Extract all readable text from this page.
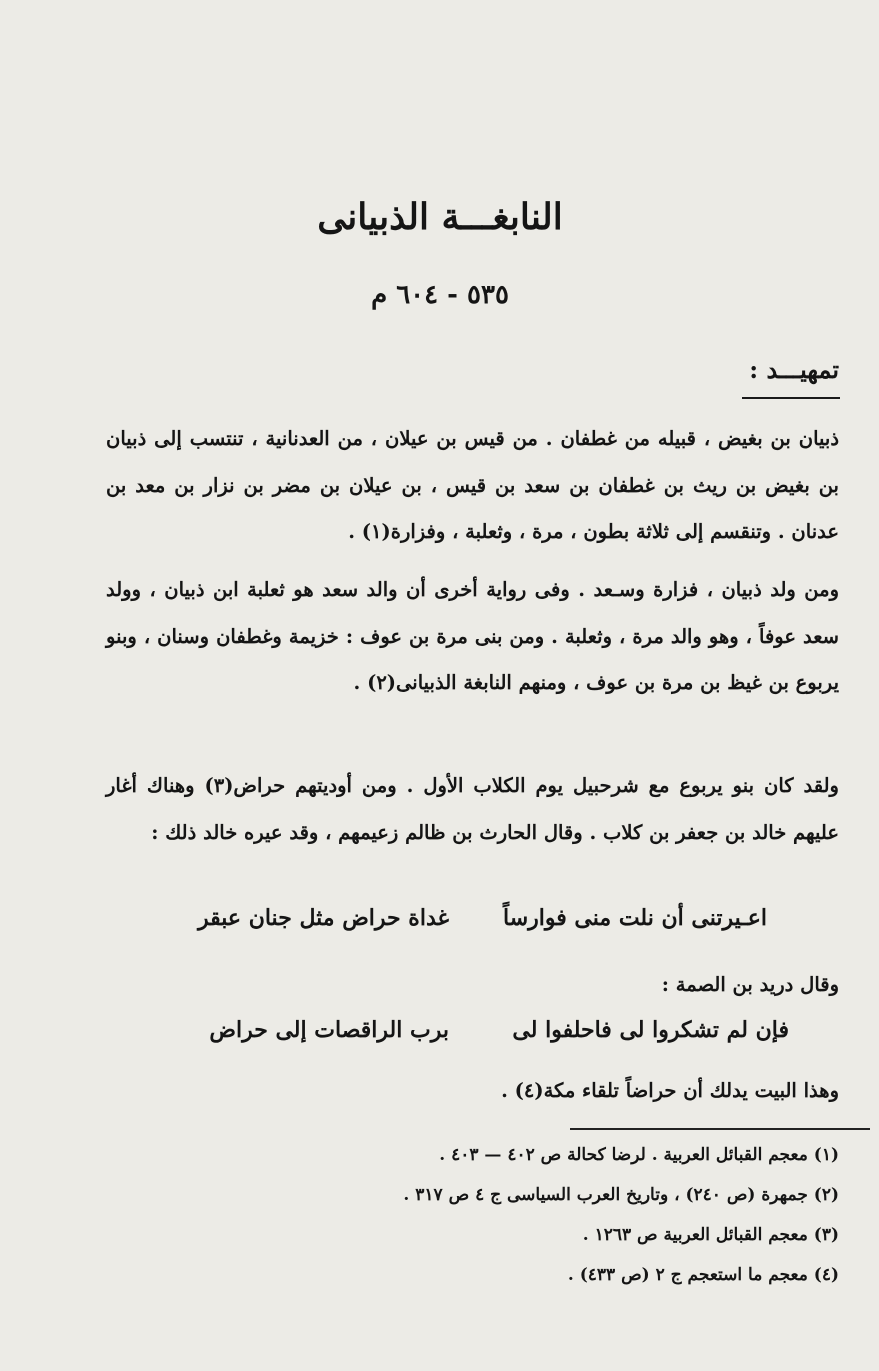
النابغـــة الذبيانى
٥٣٥ - ٦٠٤ م
تمهيـــد :
ذبيان بن بغيض ، قبيله من غطفان . من قيس بن عيلان ، من العدنانية ، تنتسب إلى ذبيان بن بغيض بن ريث بن غطفان بن سعد بن قيس ، بن عيلان بن مضر بن نزار بن معد بن عدنان . وتنقسم إلى ثلاثة بطون ، مرة ، وثعلبة ، وفزارة(١) .
ومن ولد ذبيان ، فزارة وسـعد . وفى رواية أخرى أن والد سعد هو ثعلبة ابن ذبيان ، وولد سعد عوفاً ، وهو والد مرة ، وثعلبة . ومن بنى مرة بن عوف : خزيمة وغطفان وسنان ، وبنو يربوع بن غيظ بن مرة بن عوف ، ومنهم النابغة الذبيانى(٢) .
ولقد كان بنو يربوع مع شرحبيل يوم الكلاب الأول . ومن أوديتهم حراض(٣) وهناك أغار عليهم خالد بن جعفر بن كلاب . وقال الحارث بن ظالم زعيمهم ، وقد عيره خالد ذلك :
اعـيرتنى أن نلت منى فوارساً
غداة حراض مثل جنان عبقر
وقال دريد بن الصمة :
فإن لم تشكروا لى فاحلفوا لى
برب الراقصات إلى حراض
وهذا البيت يدلك أن حراضاً تلقاء مكة(٤) .
(١) معجم القبائل العربية . لرضا كحالة ص ٤٠٢ — ٤٠٣ .
(٢) جمهرة (ص ٢٤٠) ، وتاريخ العرب السياسى ج ٤ ص ٣١٧ .
(٣) معجم القبائل العربية ص ١٢٦٣ .
(٤) معجم ما استعجم ج ٢ (ص ٤٣٣) .
